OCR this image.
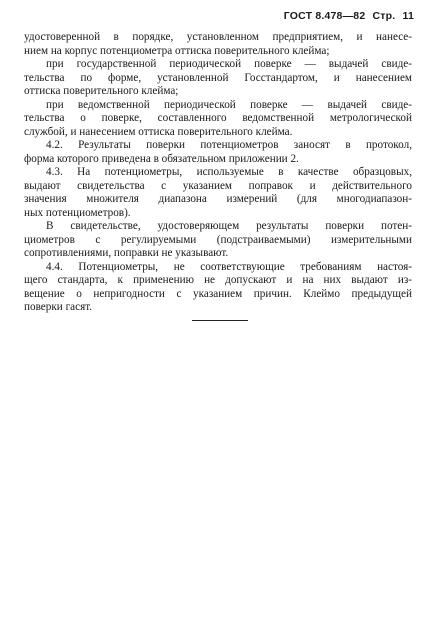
ГОСТ 8.478—82 Стр. 11

удостоверенной в порядке, установленном предприятием, и нанесе-
нием на корпус потенциометра оттиска поверительного клейма;

при государственной периодической поверке — выдачей свиде-
тельства по форме, установленной Госстандартом, и нанесением
оттиска поверительного клейма;

при ведомственной периодической поверке — выдачей свиде-
тельства о поверке, составленного ведомственной метрологической
службой, и нанесением оттиска поверительного клейма.

4.2. Результаты поверки потенциометров заносят в протокол,
форма которого приведена в обязательном приложении 2.

4.3. На потенциометры, используемые в качестве образцовых,
выдают свидетельства с указанием поправок и действительного
значения множителя диапазона измерений (для многодиапазон-
ных потенциометров).

В свидетельстве, удостоверяющем результаты поверки потен-
циометров с регулируемыми (подстраиваемыми) измерительными
сопротивлениями, поправки не указывают.

4.4. Потенциометры, не соответствующие требованиям настоя-
щего стандарта, к применению не допускают и на них выдают из-
вещение о непригодности с указанием причин. Клеймо предыдущей
поверки гасят.
